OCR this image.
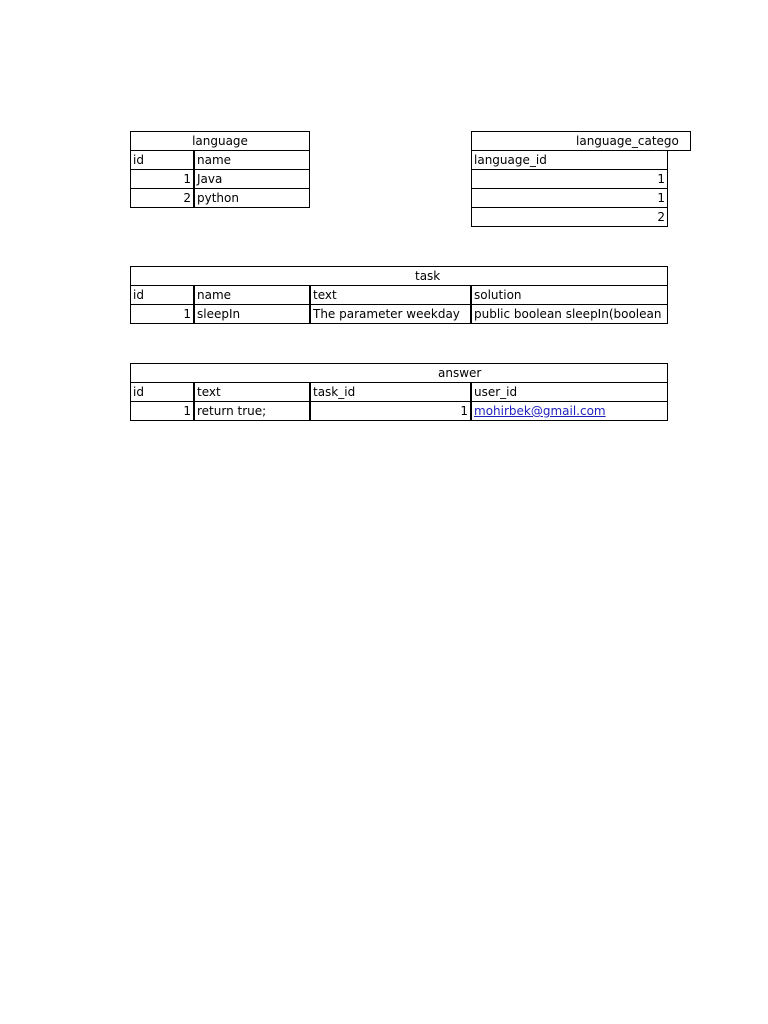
language
id	name
1 Java
2 python
language_catego
language_id
1
1
2
task
id	name	text	solution
1 sleepIn	The parameter weekday	public boolean sleepIn(boolean
answer
id	text	task_id	user_id
1 return true;	1 mohirbek@gmail.com
